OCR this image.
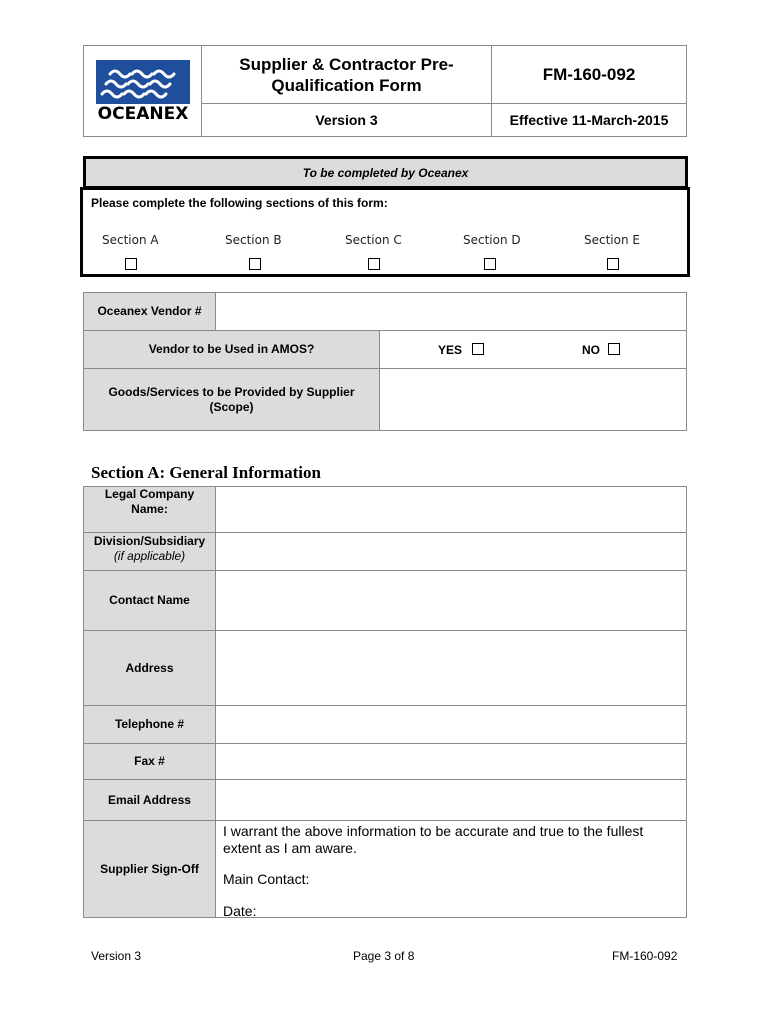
OCEANEX
Supplier & Contractor Pre-Qualification Form
FM-160-092
Version 3	Effective 11-March-2015
To be completed by Oceanex
Please complete the following sections of this form:
Section A	Section B	Section C	Section D	Section E
Oceanex Vendor #
Vendor to be Used in AMOS?	YES	NO
Goods/Services to be Provided by Supplier (Scope)
Section A: General Information
Legal Company Name:
Division/Subsidiary
(if applicable)
Contact Name
Address
Telephone #
Fax #
Email Address
Supplier Sign-Off
I warrant the above information to be accurate and true to the fullest extent as I am aware.
Main Contact:
Date:
Version 3	Page 3 of 8	FM-160-092
